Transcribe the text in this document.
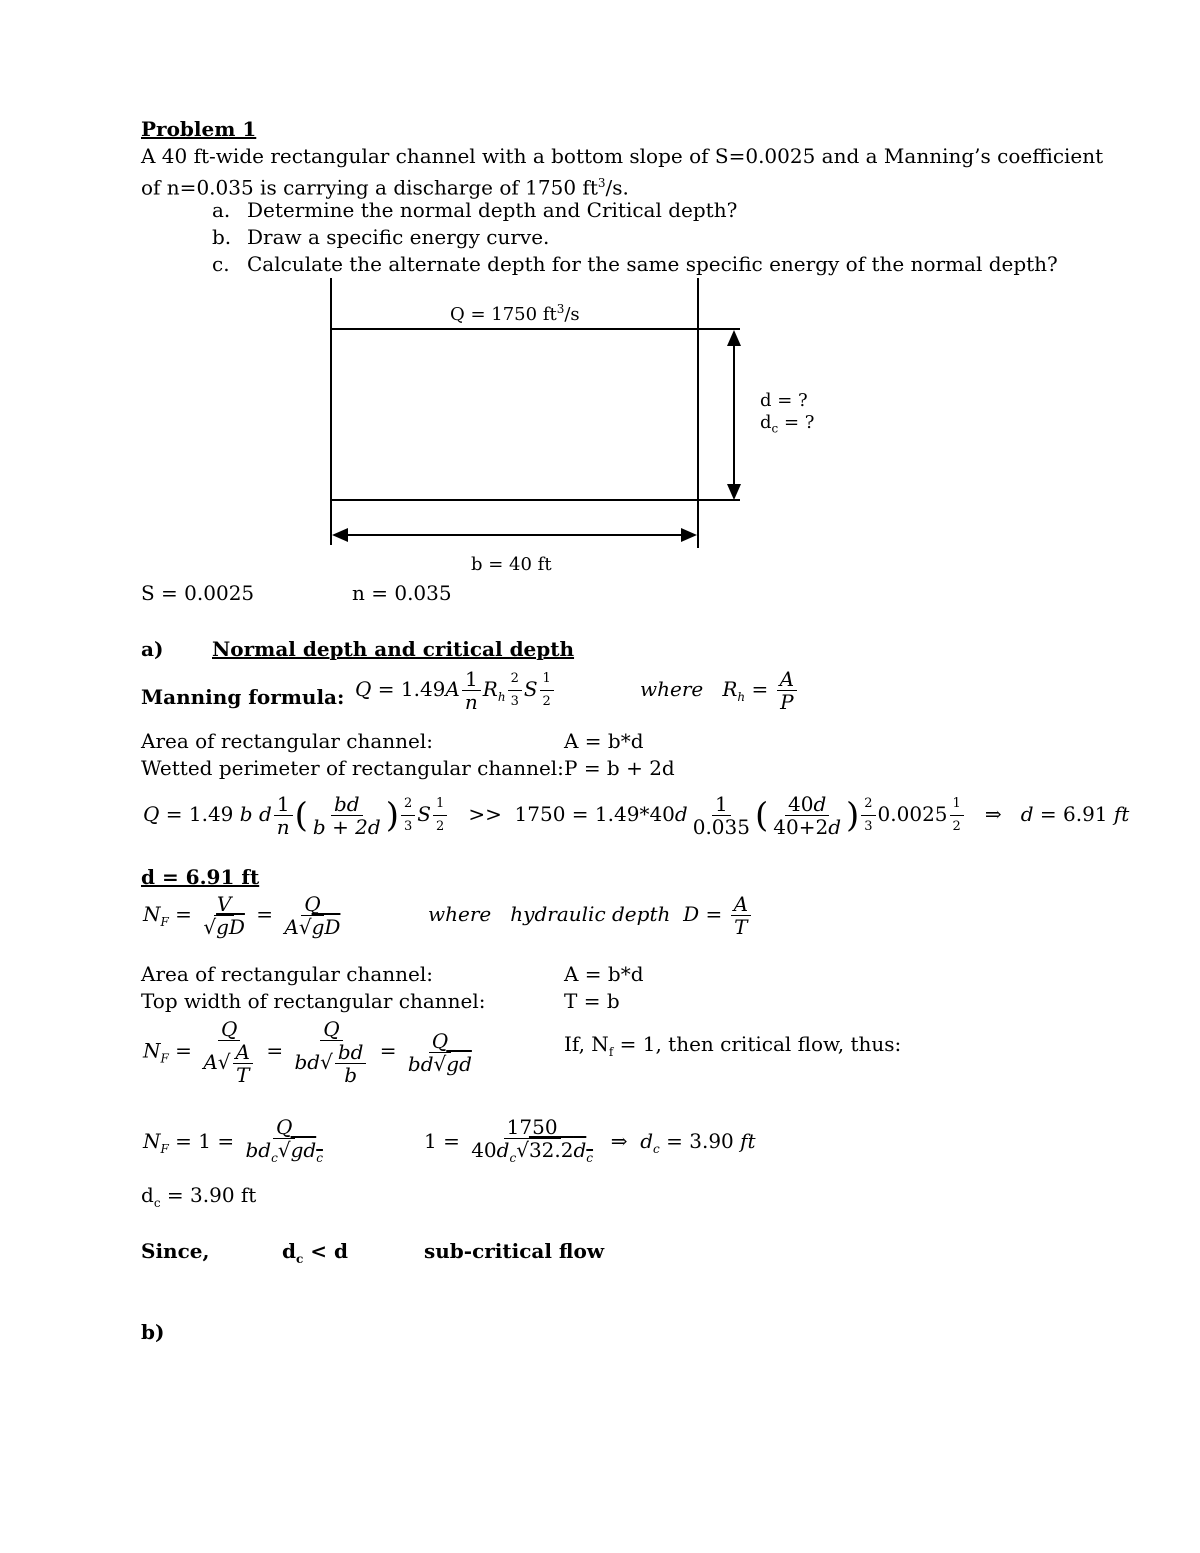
Problem 1
A 40 ft-wide rectangular channel with a bottom slope of S=0.0025 and a Manning’s coefficient
of n=0.035 is carrying a discharge of 1750 $ft^3/s$.
a. Determine the normal depth and Critical depth?
b. Draw a specific energy curve.
c. Calculate the alternate depth for the same specific energy of the normal depth?
Q = 1750 $ft^3/s$
d = ?
$d_c$ = ?
b = 40 ft
S = 0.0025	n = 0.035
a) Normal depth and critical depth
Manning formula: $Q = 1.49A \frac{1}{n} R_h \frac{2}{3}$ S $\frac{1}{2}$	where $R_h = \frac{A}{P}$
Area of rectangular channel:	A = b*d
Wetted perimeter of rectangular channel: P = b + 2d
Q = 1.49 b d $\frac{1}{n}$ ( $\frac{bd}{b + 2d}$ ) $\frac{2}{3}$ S $\frac{1}{2} >> 1750 = 1.49*40d \frac{1}{0.035}$ ( $\frac{40d}{40+2d}$ ) $\frac{2}{3} 0.0025 \frac{1}{2}$ ⇒   d = 6.91 ft
d = 6.91 ft
$N_F = \frac{V}{√gD} = \frac{Q}{A√gD}$	where   hydraulic depth $D = \frac{A}{T}$
Area of rectangular channel:	A = b*d
Top width of rectangular channel:	T = b
$N_F = \frac{Q}{A√ \frac{A}{T}} = \frac{Q}{bd√ \frac{bd}{b}} = \frac{Q}{bd√gd}$	If, $N_f = 1$, then critical flow, thus:
$N_F = 1 = \frac{Q}{bd_c√gd_c}$	$1 = \frac{1750}{40d_c√32.2d_c}$ ⇒  $d_c = 3.90$ ft
$d_c = 3.90$ ft
Since,	$d_c < d$	sub-critical flow
b)
